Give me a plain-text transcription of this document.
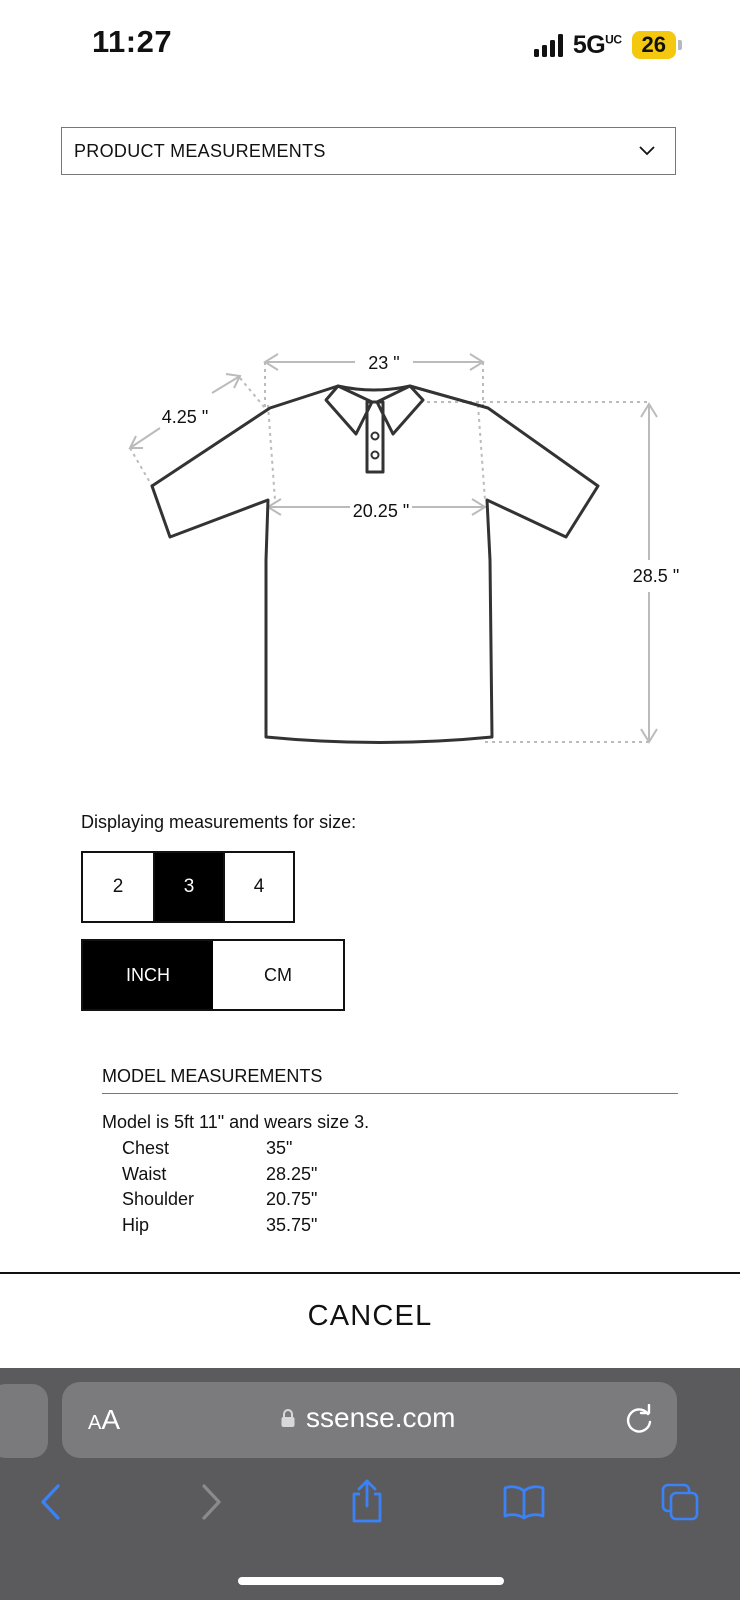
11:27	$5G^{UC}$ 26
PRODUCT MEASUREMENTS
23 "
4.25 "
20.25 "
28.5 "
Displaying measurements for size:
2	3	4
INCH	CM
MODEL MEASUREMENTS
Model is 5ft 11" and wears size 3.
Chest	35"
Waist	28.25"
Shoulder	20.75"
Hip	35.75"
CANCEL
AA	ssense.com
